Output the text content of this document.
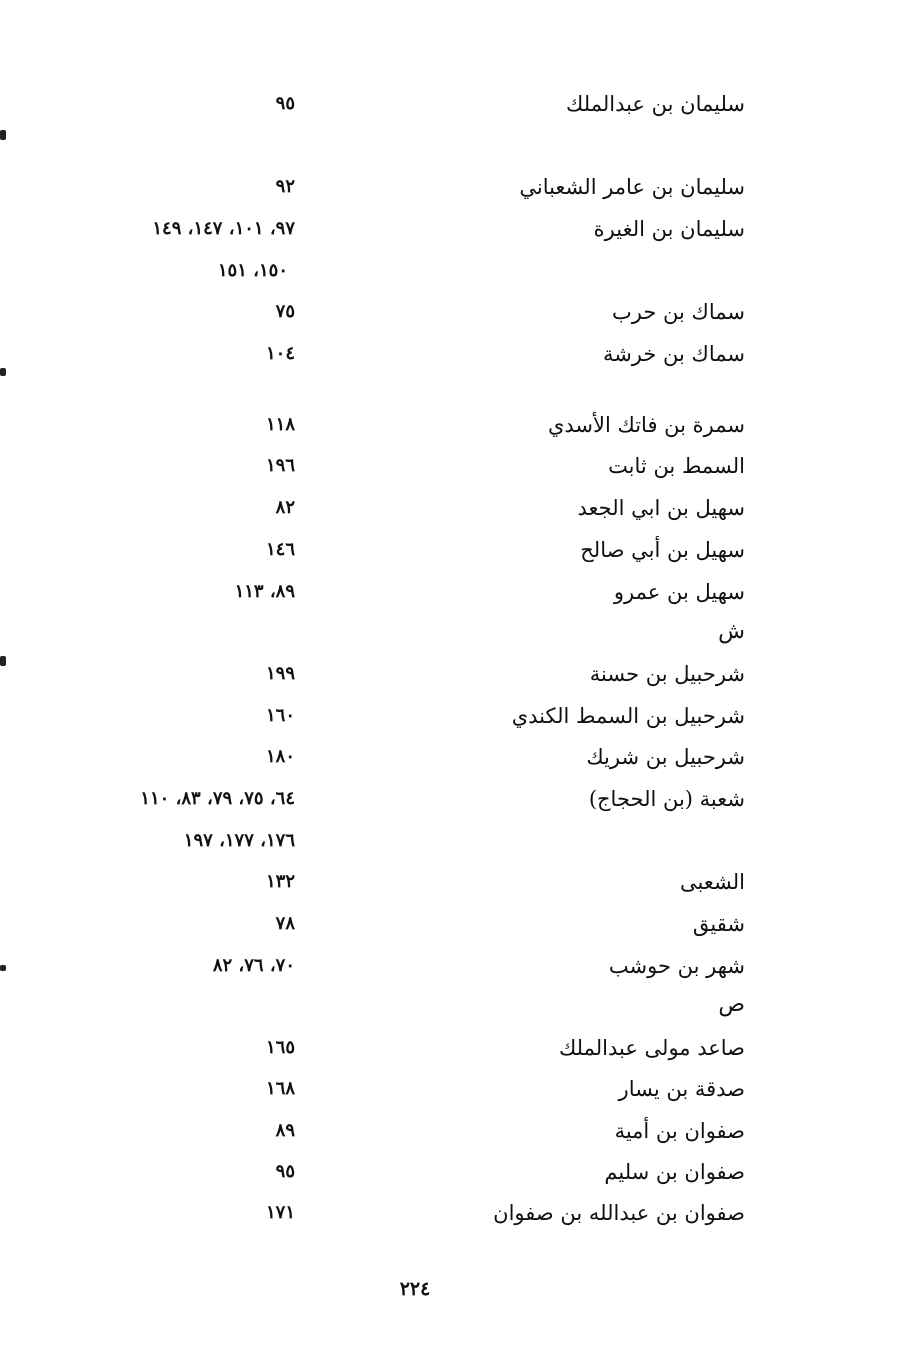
سليمان بن عبدالملك
٩٥
سليمان بن عامر الشعباني
٩٢
سليمان بن الغيرة
٩٧، ١٠١، ١٤٧، ١٤٩
١٥٠، ١٥١
سماك بن حرب
٧٥
سماك بن خرشة
١٠٤
سمرة بن فاتك الأسدي
١١٨
السمط بن ثابت
١٩٦
سهيل بن ابي الجعد
٨٢
سهيل بن أبي صالح
١٤٦
سهيل بن عمرو
٨٩، ١١٣
ش
شرحبيل بن حسنة
١٩٩
شرحبيل بن السمط الكندي
١٦٠
شرحبيل بن شريك
١٨٠
شعبة (بن الحجاج)
٦٤، ٧٥، ٧٩، ٨٣، ١١٠
١٧٦، ١٧٧، ١٩٧
الشعبى
١٣٢
شقيق
٧٨
شهر بن حوشب
٧٠، ٧٦، ٨٢
ص
صاعد مولى عبدالملك
١٦٥
صدقة بن يسار
١٦٨
صفوان بن أمية
٨٩
صفوان بن سليم
٩٥
صفوان بن عبدالله بن صفوان
١٧١
٢٢٤
